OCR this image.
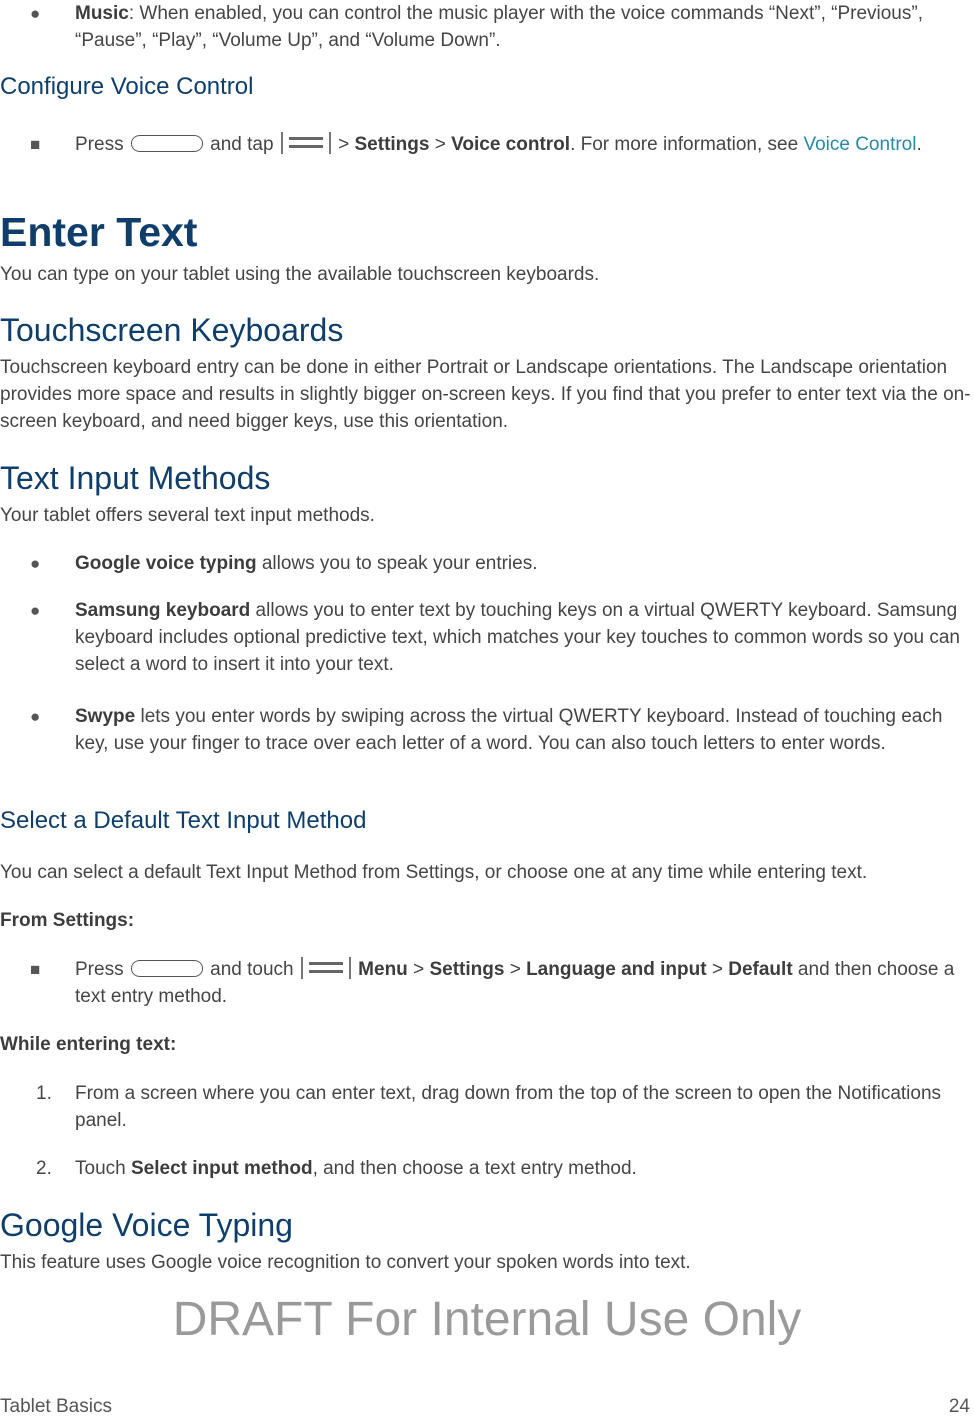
● Music: When enabled, you can control the music player with the voice commands “Next”, “Previous”, “Pause”, “Play”, “Volume Up”, and “Volume Down”.

Configure Voice Control
■ Press	and tap	> Settings > Voice control. For more information, see Voice Control.

Enter Text

You can type on your tablet using the available touchscreen keyboards.

Touchscreen Keyboards

Touchscreen keyboard entry can be done in either Portrait or Landscape orientations. The Landscape orientation provides more space and results in slightly bigger on-screen keys. If you find that you prefer to enter text via the on-screen keyboard, and need bigger keys, use this orientation.

Text Input Methods

Your tablet offers several text input methods.

● Google voice typing allows you to speak your entries.

● Samsung keyboard allows you to enter text by touching keys on a virtual QWERTY keyboard. Samsung keyboard includes optional predictive text, which matches your key touches to common words so you can select a word to insert it into your text.

● Swype lets you enter words by swiping across the virtual QWERTY keyboard. Instead of touching each key, use your finger to trace over each letter of a word. You can also touch letters to enter words.

Select a Default Text Input Method

You can select a default Text Input Method from Settings, or choose one at any time while entering text.

From Settings:

■ Press	and touch	Menu > Settings > Language and input > Default and then choose a text entry method.

While entering text:

1. From a screen where you can enter text, drag down from the top of the screen to open the Notifications panel.

2. Touch Select input method, and then choose a text entry method.

Google Voice Typing

This feature uses Google voice recognition to convert your spoken words into text.

DRAFT For Internal Use Only
Tablet Basics	24
